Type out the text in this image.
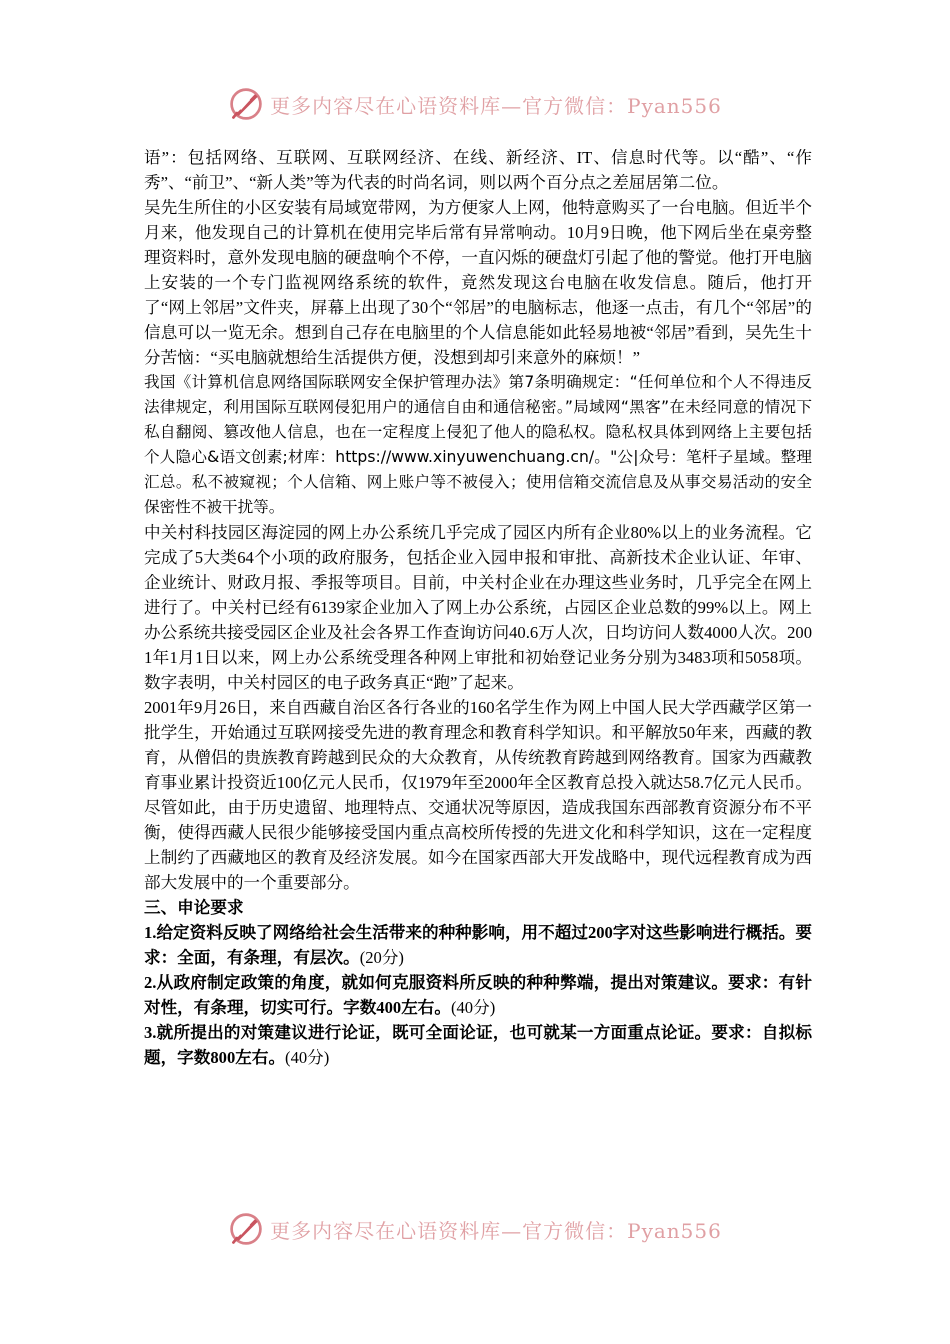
更多内容尽在心语资料库—官方微信：Pyan556

语”：包括网络、互联网、互联网经济、在线、新经济、IT、信息时代等。以“酷”、“作秀”、“前卫”、“新人类”等为代表的时尚名词，则以两个百分点之差屈居第二位。

吴先生所住的小区安装有局域宽带网，为方便家人上网，他特意购买了一台电脑。但近半个月来，他发现自己的计算机在使用完毕后常有异常响动。10月9日晚，他下网后坐在桌旁整理资料时，意外发现电脑的硬盘响个不停，一直闪烁的硬盘灯引起了他的警觉。他打开电脑上安装的一个专门监视网络系统的软件，竟然发现这台电脑在收发信息。随后，他打开了“网上邻居”文件夹，屏幕上出现了30个“邻居”的电脑标志，他逐一点击，有几个“邻居”的信息可以一览无余。想到自己存在电脑里的个人信息能如此轻易地被“邻居”看到，吴先生十分苦恼：“买电脑就想给生活提供方便，没想到却引来意外的麻烦！”

我国《计算机信息网络国际联网安全保护管理办法》第7条明确规定：“任何单位和个人不得违反法律规定，利用国际互联网侵犯用户的通信自由和通信秘密。”局域网“黑客”在未经同意的情况下私自翻阅、篡改他人信息，也在一定程度上侵犯了他人的隐私权。隐私权具体到网络上主要包括个人隐心&语文创素;材库：https://www.xinyuwenchuang.cn/。"公|众号：笔杆子星域。整理汇总。私不被窥视；个人信箱、网上账户等不被侵入；使用信箱交流信息及从事交易活动的安全保密性不被干扰等。

中关村科技园区海淀园的网上办公系统几乎完成了园区内所有企业80%以上的业务流程。它完成了5大类64个小项的政府服务，包括企业入园申报和审批、高新技术企业认证、年审、企业统计、财政月报、季报等项目。目前，中关村企业在办理这些业务时，几乎完全在网上进行了。中关村已经有6139家企业加入了网上办公系统，占园区企业总数的99%以上。网上办公系统共接受园区企业及社会各界工作查询访问40.6万人次，日均访问人数4000人次。2001年1月1日以来，网上办公系统受理各种网上审批和初始登记业务分别为3483项和5058项。数字表明，中关村园区的电子政务真正“跑”了起来。

2001年9月26日，来自西藏自治区各行各业的160名学生作为网上中国人民大学西藏学区第一批学生，开始通过互联网接受先进的教育理念和教育科学知识。和平解放50年来，西藏的教育，从僧侣的贵族教育跨越到民众的大众教育，从传统教育跨越到网络教育。国家为西藏教育事业累计投资近100亿元人民币，仅1979年至2000年全区教育总投入就达58.7亿元人民币。尽管如此，由于历史遗留、地理特点、交通状况等原因，造成我国东西部教育资源分布不平衡，使得西藏人民很少能够接受国内重点高校所传授的先进文化和科学知识，这在一定程度上制约了西藏地区的教育及经济发展。如今在国家西部大开发战略中，现代远程教育成为西部大发展中的一个重要部分。

三、申论要求

1.给定资料反映了网络给社会生活带来的种种影响，用不超过200字对这些影响进行概括。要求：全面，有条理，有层次。(20分)

2.从政府制定政策的角度，就如何克服资料所反映的种种弊端，提出对策建议。要求：有针对性，有条理，切实可行。字数400左右。(40分)

3.就所提出的对策建议进行论证，既可全面论证，也可就某一方面重点论证。要求：自拟标题，字数800左右。(40分)

更多内容尽在心语资料库—官方微信：Pyan556
